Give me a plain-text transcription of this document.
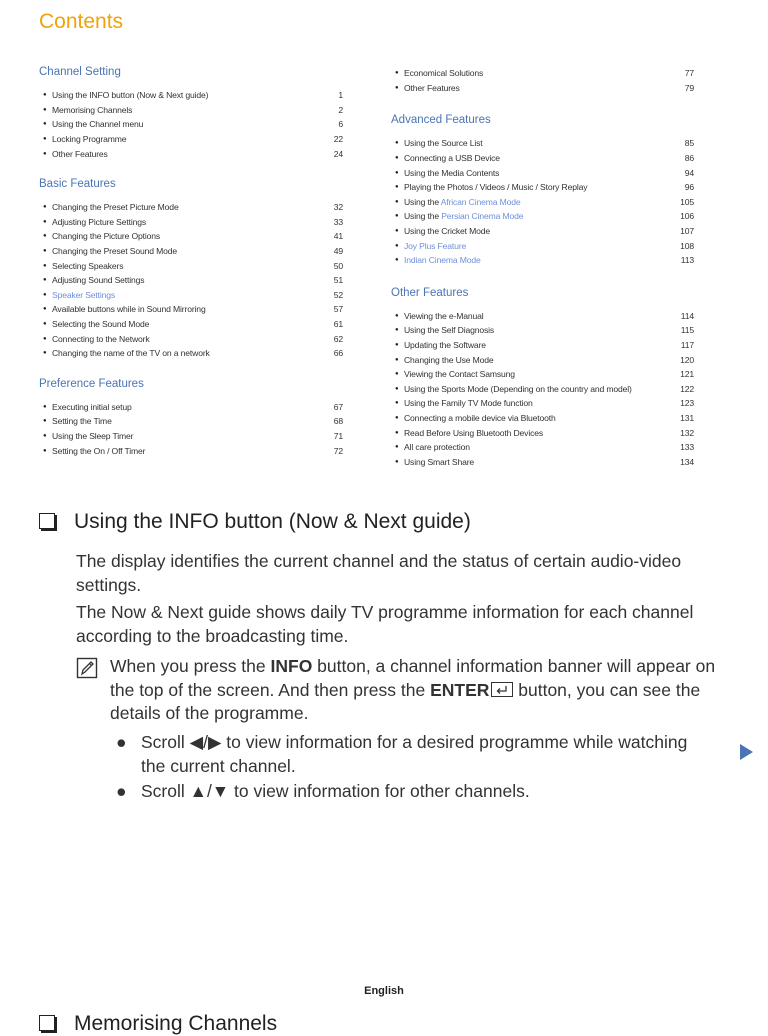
Contents
Channel Setting
● Using the INFO button (Now & Next guide)	1
● Memorising Channels	2
● Using the Channel menu	6
● Locking Programme	22
● Other Features	24
Basic Features
● Changing the Preset Picture Mode	32
● Adjusting Picture Settings	33
● Changing the Picture Options	41
● Changing the Preset Sound Mode	49
● Selecting Speakers	50
● Adjusting Sound Settings	51
● Speaker Settings	52
● Available buttons while in Sound Mirroring	57
● Selecting the Sound Mode	61
● Connecting to the Network	62
● Changing the name of the TV on a network	66
Preference Features
● Executing initial setup	67
● Setting the Time	68
● Using the Sleep Timer	71
● Setting the On / Off Timer	72
● Economical Solutions	77
● Other Features	79
Advanced Features
● Using the Source List	85
● Connecting a USB Device	86
● Using the Media Contents	94
● Playing the Photos / Videos / Music / Story Replay	96
● Using the African Cinema Mode	105
● Using the Persian Cinema Mode	106
● Using the Cricket Mode	107
● Joy Plus Feature	108
● Indian Cinema Mode	113
Other Features
● Viewing the e-Manual	114
● Using the Self Diagnosis	115
● Updating the Software	117
● Changing the Use Mode	120
● Viewing the Contact Samsung	121
● Using the Sports Mode (Depending on the country and model)	122
● Using the Family TV Mode function	123
● Connecting a mobile device via Bluetooth	131
● Read Before Using Bluetooth Devices	132
● All care protection	133
● Using Smart Share	134
Using the INFO button (Now & Next guide)
The display identifies the current channel and the status of certain audio-video settings.
The Now & Next guide shows daily TV programme information for each channel according to the broadcasting time.
When you press the INFO button, a channel information banner will appear on the top of the screen. And then press the ENTER
button, you can see the details of the programme.
● Scroll ◀/▶ to view information for a desired programme while watching the current channel.
● Scroll ▲/▼ to view information for other channels.
English
Memorising Channels
